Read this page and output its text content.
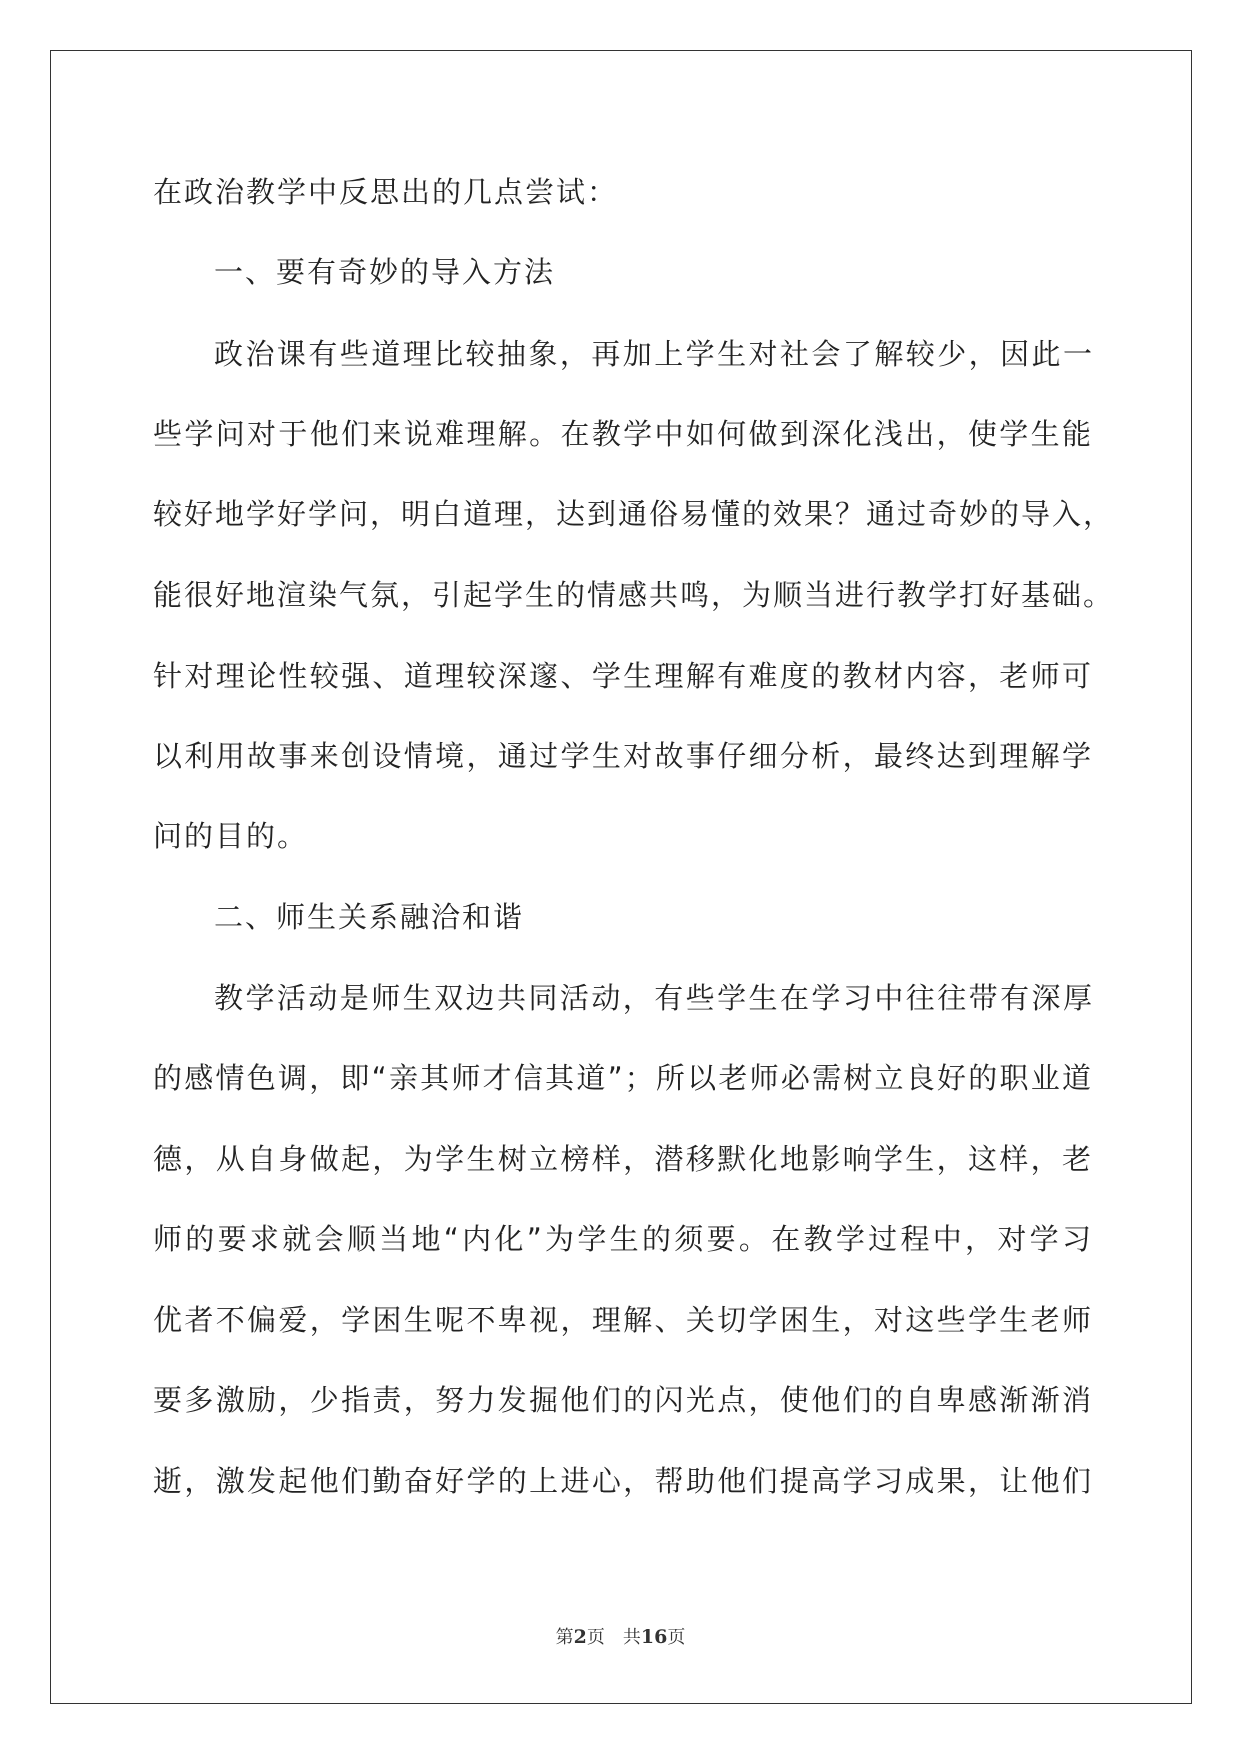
在政治教学中反思出的几点尝试：
一、要有奇妙的导入方法
政治课有些道理比较抽象，再加上学生对社会了解较少，因此一
些学问对于他们来说难理解。在教学中如何做到深化浅出，使学生能
较好地学好学问，明白道理，达到通俗易懂的效果？通过奇妙的导入，
能很好地渲染气氛，引起学生的情感共鸣，为顺当进行教学打好基础。
针对理论性较强、道理较深邃、学生理解有难度的教材内容，老师可
以利用故事来创设情境，通过学生对故事仔细分析，最终达到理解学
问的目的。
二、师生关系融洽和谐
教学活动是师生双边共同活动，有些学生在学习中往往带有深厚
的感情色调，即“亲其师才信其道”；所以老师必需树立良好的职业道
德，从自身做起，为学生树立榜样，潜移默化地影响学生，这样，老
师的要求就会顺当地“内化”为学生的须要。在教学过程中，对学习
优者不偏爱，学困生呢不卑视，理解、关切学困生，对这些学生老师
要多激励，少指责，努力发掘他们的闪光点，使他们的自卑感渐渐消
逝，激发起他们勤奋好学的上进心，帮助他们提高学习成果，让他们
第2页 共16页
